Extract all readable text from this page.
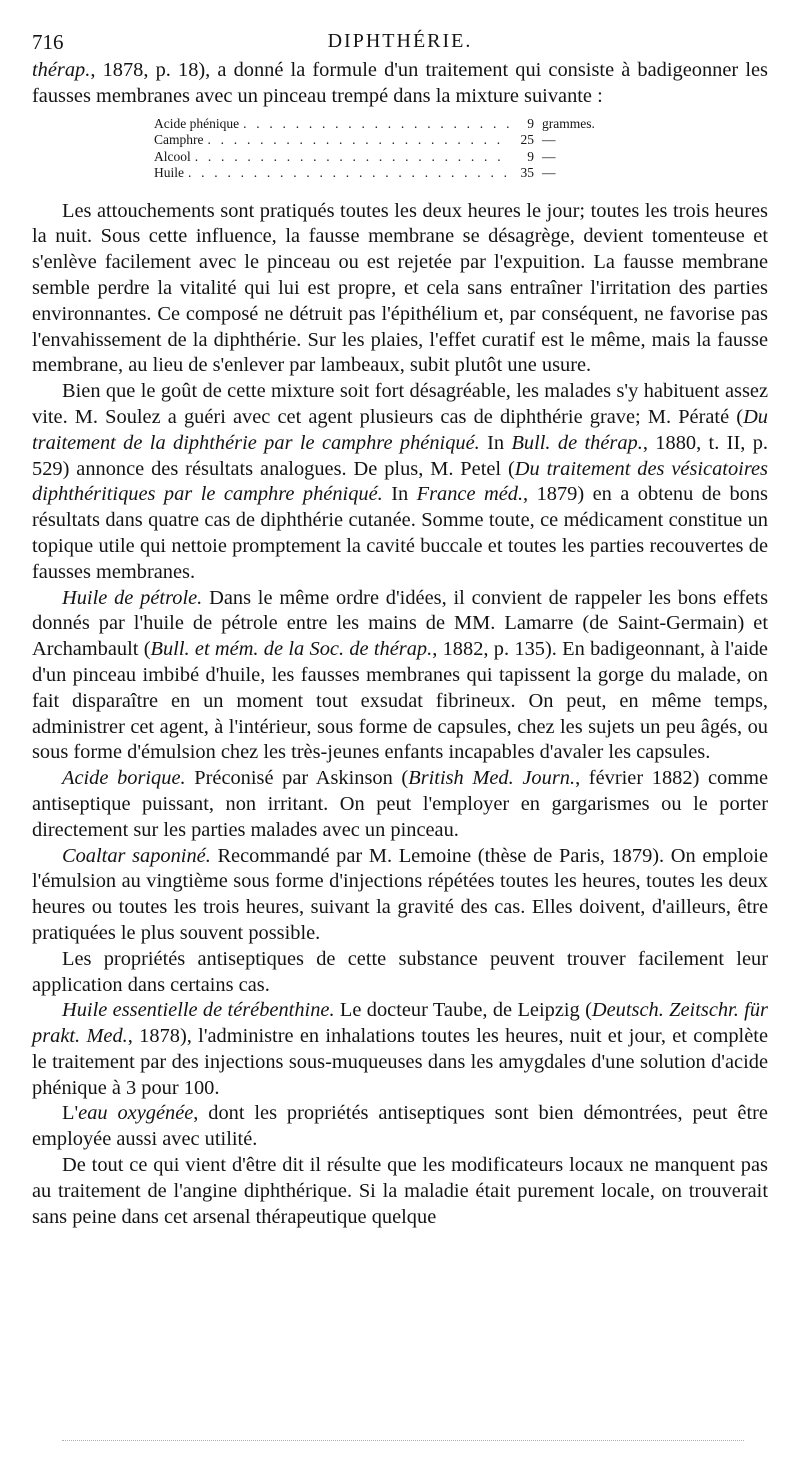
716	DIPHTHÉRIE.

thérap., 1878, p. 18), a donné la formule d'un traitement qui consiste à badigeonner les fausses membranes avec un pinceau trempé dans la mixture suivante :

Acide phénique . . .	9 grammes.
Camphre . . .	25 —
Alcool . . .	9 —
Huile . . .	35 —

Les attouchements sont pratiqués toutes les deux heures le jour; toutes les trois heures la nuit. Sous cette influence, la fausse membrane se désagrège, devient tomenteuse et s'enlève facilement avec le pinceau ou est rejetée par l'expuition. La fausse membrane semble perdre la vitalité qui lui est propre, et cela sans entraîner l'irritation des parties environnantes. Ce composé ne détruit pas l'épithélium et, par conséquent, ne favorise pas l'envahissement de la diphthérie. Sur les plaies, l'effet curatif est le même, mais la fausse membrane, au lieu de s'enlever par lambeaux, subit plutôt une usure.

Bien que le goût de cette mixture soit fort désagréable, les malades s'y habituent assez vite. M. Soulez a guéri avec cet agent plusieurs cas de diphthérie grave; M. Pératé (Du traitement de la diphthérie par le camphre phéniqué. In Bull. de thérap., 1880, t. II, p. 529) annonce des résultats analogues. De plus, M. Petel (Du traitement des vésicatoires diphthéritiques par le camphre phéniqué. In France méd., 1879) en a obtenu de bons résultats dans quatre cas de diphthérie cutanée. Somme toute, ce médicament constitue un topique utile qui nettoie promptement la cavité buccale et toutes les parties recouvertes de fausses membranes.

Huile de pétrole. Dans le même ordre d'idées, il convient de rappeler les bons effets donnés par l'huile de pétrole entre les mains de MM. Lamarre (de Saint-Germain) et Archambault (Bull. et mém. de la Soc. de thérap., 1882, p. 135). En badigeonnant, à l'aide d'un pinceau imbibé d'huile, les fausses membranes qui tapissent la gorge du malade, on fait disparaître en un moment tout exsudat fibrineux. On peut, en même temps, administrer cet agent, à l'intérieur, sous forme de capsules, chez les sujets un peu âgés, ou sous forme d'émulsion chez les très-jeunes enfants incapables d'avaler les capsules.

Acide borique. Préconisé par Askinson (British Med. Journ., février 1882) comme antiseptique puissant, non irritant. On peut l'employer en gargarismes ou le porter directement sur les parties malades avec un pinceau.

Coaltar saponiné. Recommandé par M. Lemoine (thèse de Paris, 1879). On emploie l'émulsion au vingtième sous forme d'injections répétées toutes les heures, toutes les deux heures ou toutes les trois heures, suivant la gravité des cas. Elles doivent, d'ailleurs, être pratiquées le plus souvent possible.

Les propriétés antiseptiques de cette substance peuvent trouver facilement leur application dans certains cas.

Huile essentielle de térébenthine. Le docteur Taube, de Leipzig (Deutsch. Zeitschr. für prakt. Med., 1878), l'administre en inhalations toutes les heures, nuit et jour, et complète le traitement par des injections sous-muqueuses dans les amygdales d'une solution d'acide phénique à 3 pour 100.

L'eau oxygénée, dont les propriétés antiseptiques sont bien démontrées, peut être employée aussi avec utilité.

De tout ce qui vient d'être dit il résulte que les modificateurs locaux ne manquent pas au traitement de l'angine diphthérique. Si la maladie était purement locale, on trouverait sans peine dans cet arsenal thérapeutique quelque
